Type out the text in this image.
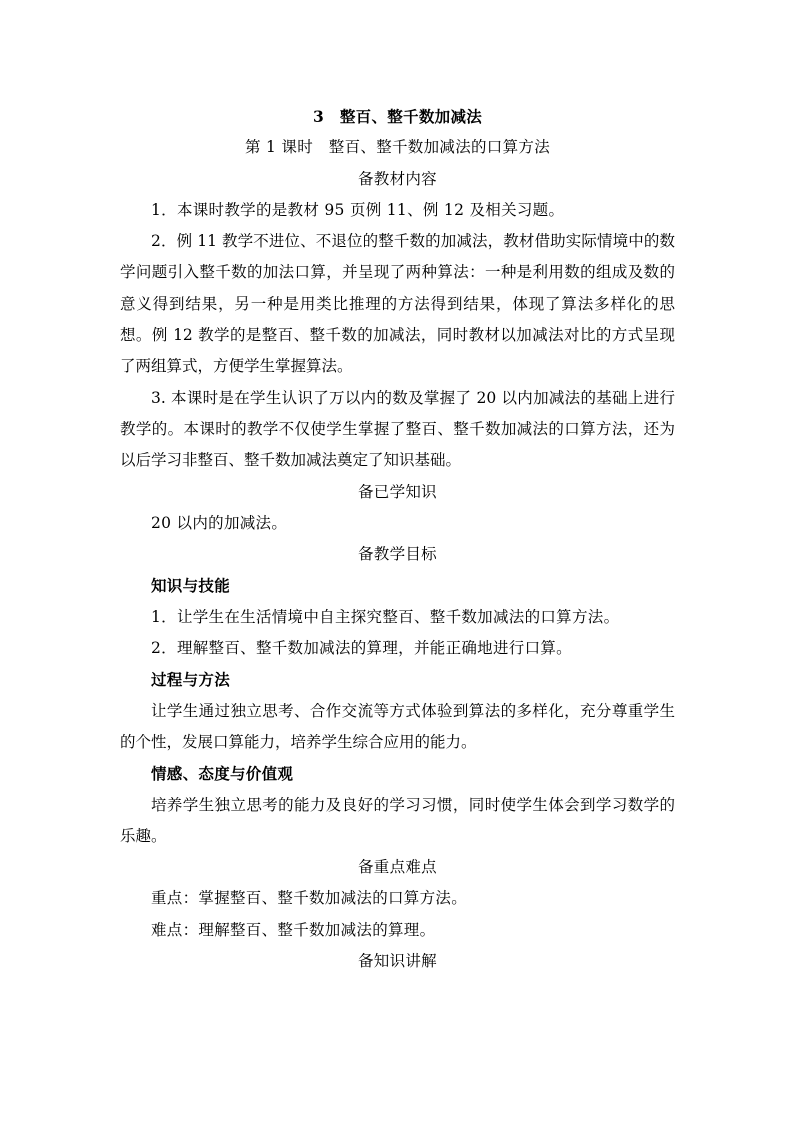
3　整百、整千数加减法
第 1 课时　整百、整千数加减法的口算方法
备教材内容
1．本课时教学的是教材 95 页例 11、例 12 及相关习题。
2．例 11 教学不进位、不退位的整千数的加减法，教材借助实际情境中的数学问题引入整千数的加法口算，并呈现了两种算法：一种是利用数的组成及数的意义得到结果，另一种是用类比推理的方法得到结果，体现了算法多样化的思想。例 12 教学的是整百、整千数的加减法，同时教材以加减法对比的方式呈现了两组算式，方便学生掌握算法。
3. 本课时是在学生认识了万以内的数及掌握了 20 以内加减法的基础上进行教学的。本课时的教学不仅使学生掌握了整百、整千数加减法的口算方法，还为以后学习非整百、整千数加减法奠定了知识基础。
备已学知识
20 以内的加减法。
备教学目标
知识与技能
1．让学生在生活情境中自主探究整百、整千数加减法的口算方法。
2．理解整百、整千数加减法的算理，并能正确地进行口算。
过程与方法
让学生通过独立思考、合作交流等方式体验到算法的多样化，充分尊重学生的个性，发展口算能力，培养学生综合应用的能力。
情感、态度与价值观
培养学生独立思考的能力及良好的学习习惯，同时使学生体会到学习数学的乐趣。
备重点难点
重点：掌握整百、整千数加减法的口算方法。
难点：理解整百、整千数加减法的算理。
备知识讲解
